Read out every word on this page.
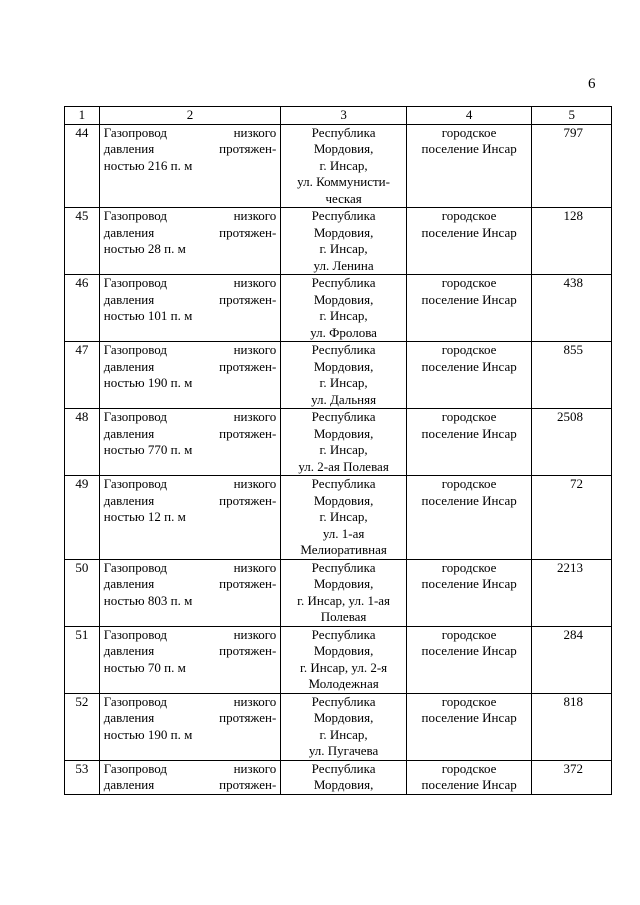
6
1	2	3	4	5
44	Газопровод низкого
давления протяжен-
ностью 216 п. м	Республика
Мордовия,
г. Инсар,
ул. Коммунисти-
ческая	городское
поселение Инсар	797
45	Газопровод низкого
давления протяжен-
ностью 28 п. м	Республика
Мордовия,
г. Инсар,
ул. Ленина	городское
поселение Инсар	128
46	Газопровод низкого
давления протяжен-
ностью 101 п. м	Республика
Мордовия,
г. Инсар,
ул. Фролова	городское
поселение Инсар	438
47	Газопровод низкого
давления протяжен-
ностью 190 п. м	Республика
Мордовия,
г. Инсар,
ул. Дальняя	городское
поселение Инсар	855
48	Газопровод низкого
давления протяжен-
ностью 770 п. м	Республика
Мордовия,
г. Инсар,
ул. 2-ая Полевая	городское
поселение Инсар	2508
49	Газопровод низкого
давления протяжен-
ностью 12 п. м	Республика
Мордовия,
г. Инсар,
ул. 1-ая
Мелиоративная	городское
поселение Инсар	72
50	Газопровод низкого
давления протяжен-
ностью 803 п. м	Республика
Мордовия,
г. Инсар, ул. 1-ая
Полевая	городское
поселение Инсар	2213
51	Газопровод низкого
давления протяжен-
ностью 70 п. м	Республика
Мордовия,
г. Инсар, ул. 2-я
Молодежная	городское
поселение Инсар	284
52	Газопровод низкого
давления протяжен-
ностью 190 п. м	Республика
Мордовия,
г. Инсар,
ул. Пугачева	городское
поселение Инсар	818
53	Газопровод низкого
давления протяжен-	Республика
Мордовия,	городское
поселение Инсар	372
